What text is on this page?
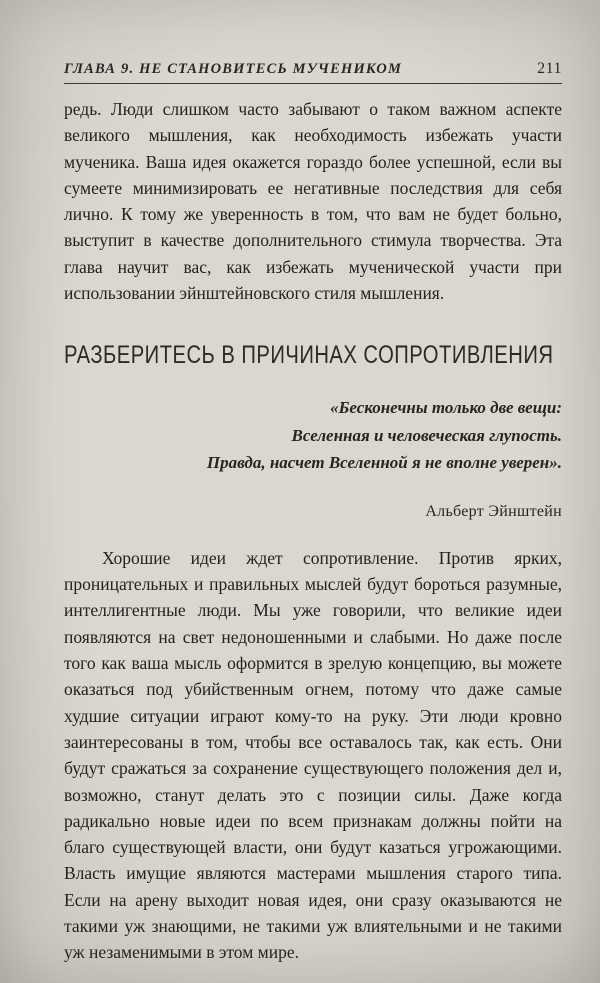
ГЛАВА 9. НЕ СТАНОВИТЕСЬ МУЧЕНИКОМ	211

редь. Люди слишком часто забывают о таком важном аспекте великого мышления, как необходимость избежать участи мученика. Ваша идея окажется гораздо более успешной, если вы сумеете минимизировать ее негативные последствия для себя лично. К тому же уверенность в том, что вам не будет больно, выступит в качестве дополнительного стимула творчества. Эта глава научит вас, как избежать мученической участи при использовании эйнштейновского стиля мышления.

РАЗБЕРИТЕСЬ В ПРИЧИНАХ СОПРОТИВЛЕНИЯ

«Бесконечны только две вещи:

Вселенная и человеческая глупость.

Правда, насчет Вселенной я не вполне уверен».

Альберт Эйнштейн

Хорошие идеи ждет сопротивление. Против ярких, проницательных и правильных мыслей будут бороться разумные, интеллигентные люди. Мы уже говорили, что великие идеи появляются на свет недоношенными и слабыми. Но даже после того как ваша мысль оформится в зрелую концепцию, вы можете оказаться под убийственным огнем, потому что даже самые худшие ситуации играют кому-то на руку. Эти люди кровно заинтересованы в том, чтобы все оставалось так, как есть. Они будут сражаться за сохранение существующего положения дел и, возможно, станут делать это с позиции силы. Даже когда радикально новые идеи по всем признакам должны пойти на благо существующей власти, они будут казаться угрожающими. Власть имущие являются мастерами мышления старого типа. Если на арену выходит новая идея, они сразу оказываются не такими уж знающими, не такими уж влиятельными и не такими уж незаменимыми в этом мире.
